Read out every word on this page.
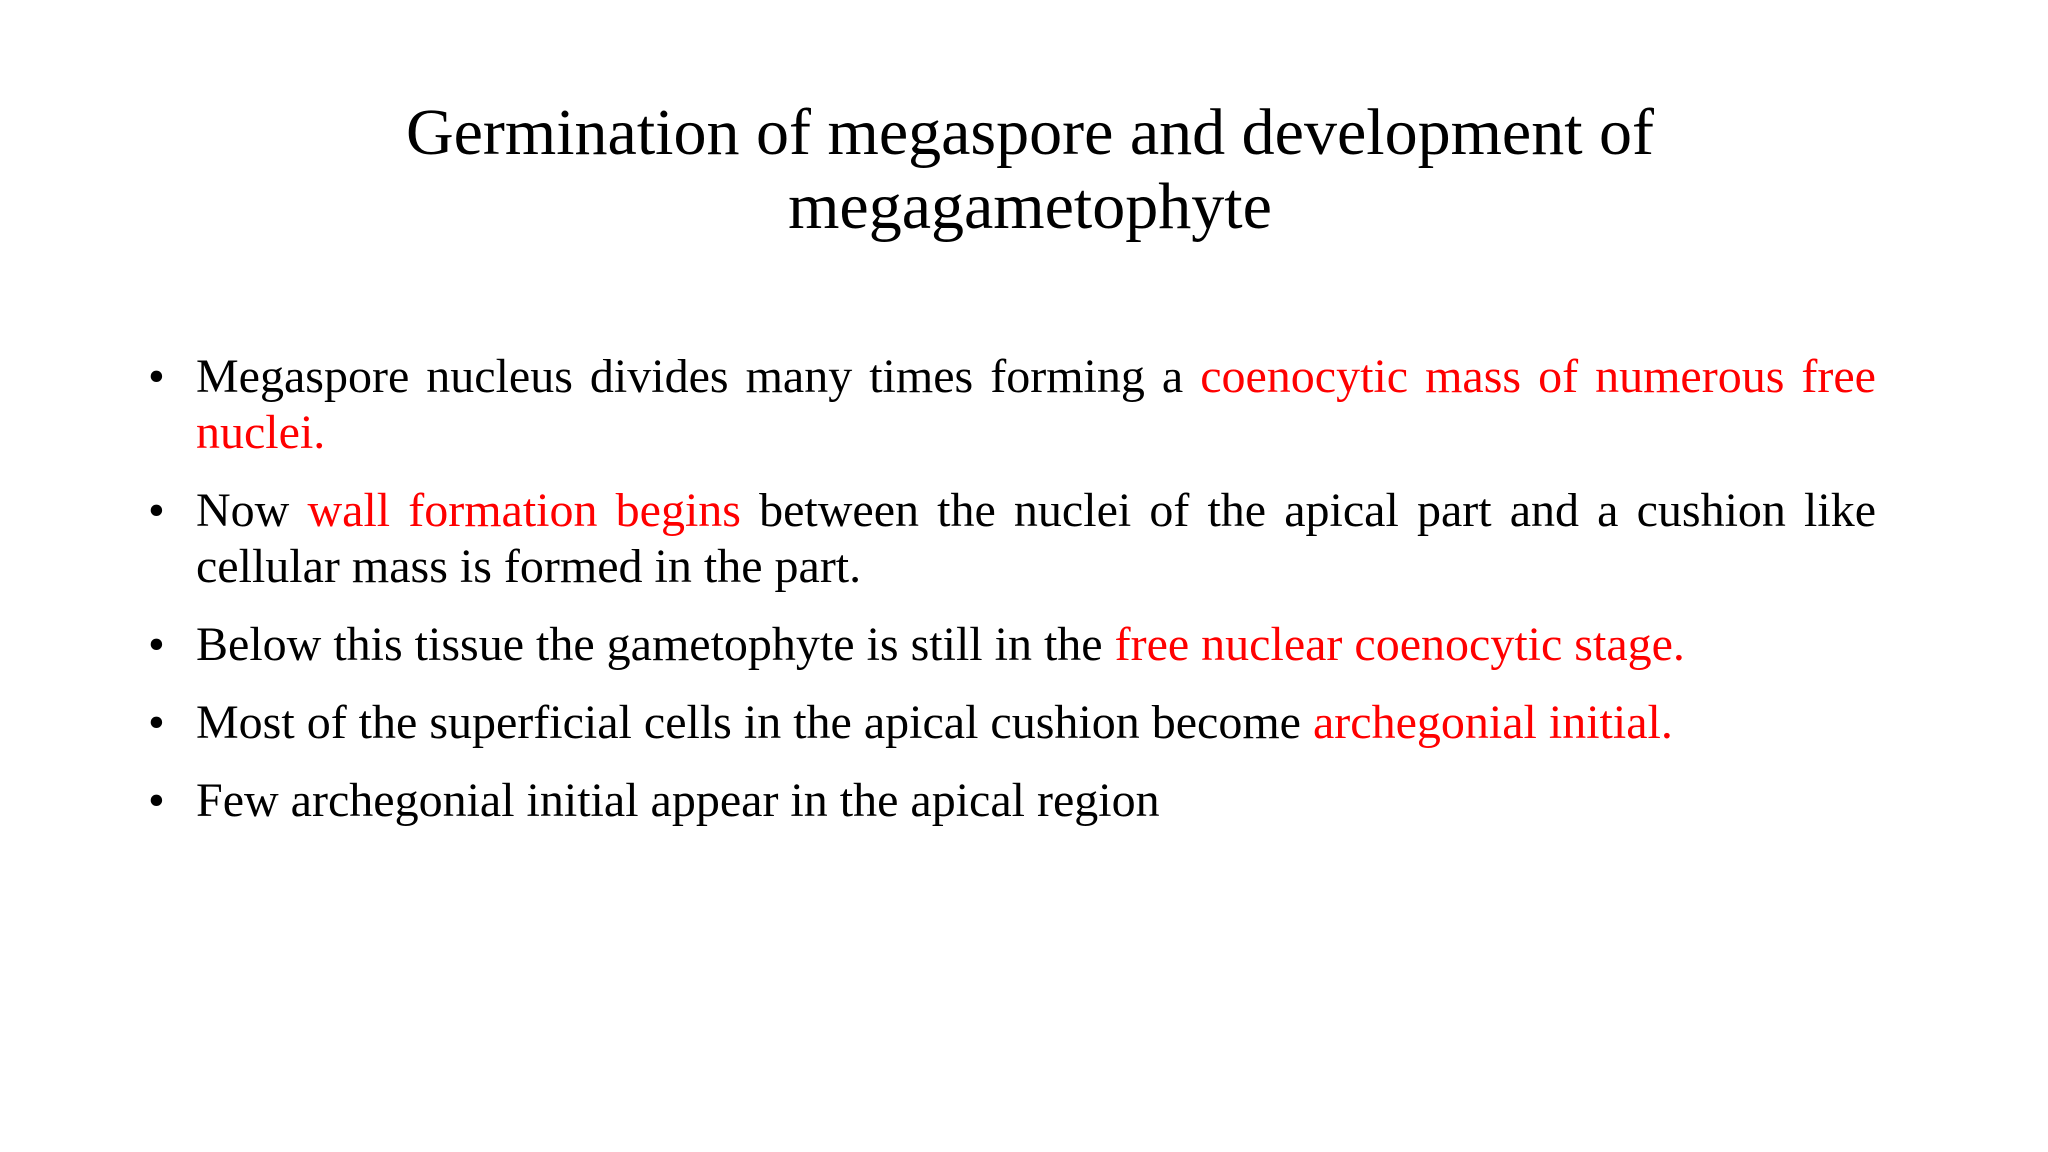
Germination of megaspore and development of
megagametophyte
• Megaspore nucleus divides many times forming a coenocytic mass of numerous free nuclei.
• Now wall formation begins between the nuclei of the apical part and a cushion like cellular mass is formed in the part.
• Below this tissue the gametophyte is still in the free nuclear coenocytic stage.
• Most of the superficial cells in the apical cushion become archegonial initial.
• Few archegonial initial appear in the apical region
